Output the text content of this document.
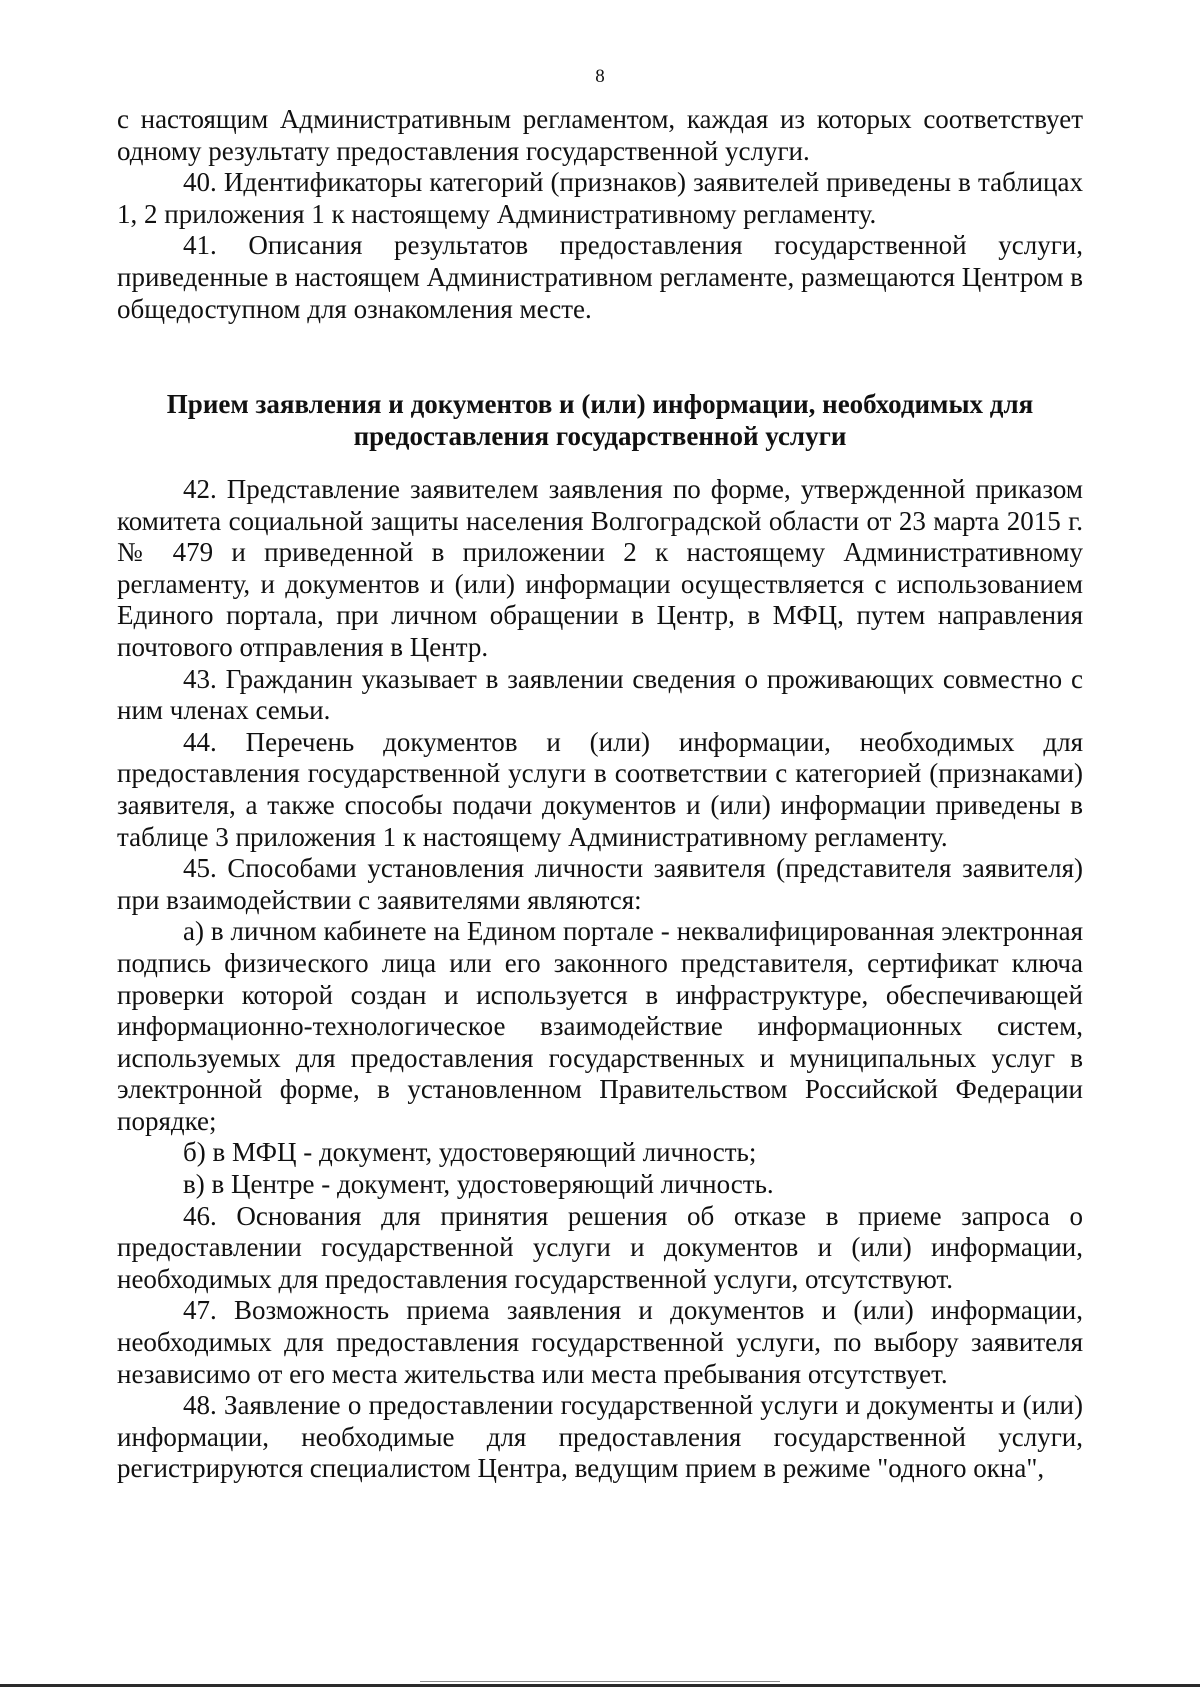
8

с настоящим Административным регламентом, каждая из которых соответствует одному результату предоставления государственной услуги.

40. Идентификаторы категорий (признаков) заявителей приведены в таблицах 1, 2 приложения 1 к настоящему Административному регламенту.

41. Описания результатов предоставления государственной услуги, приведенные в настоящем Административном регламенте, размещаются Центром в общедоступном для ознакомления месте.

Прием заявления и документов и (или) информации, необходимых для
предоставления государственной услуги

42. Представление заявителем заявления по форме, утвержденной приказом комитета социальной защиты населения Волгоградской области от 23 марта 2015 г. № 479 и приведенной в приложении 2 к настоящему Административному регламенту, и документов и (или) информации осуществляется с использованием Единого портала, при личном обращении в Центр, в МФЦ, путем направления почтового отправления в Центр.

43. Гражданин указывает в заявлении сведения о проживающих совместно с ним членах семьи.

44. Перечень документов и (или) информации, необходимых для предоставления государственной услуги в соответствии с категорией (признаками) заявителя, а также способы подачи документов и (или) информации приведены в таблице 3 приложения 1 к настоящему Административному регламенту.

45. Способами установления личности заявителя (представителя заявителя) при взаимодействии с заявителями являются:

а) в личном кабинете на Едином портале - неквалифицированная электронная подпись физического лица или его законного представителя, сертификат ключа проверки которой создан и используется в инфраструктуре, обеспечивающей информационно-технологическое взаимодействие информационных систем, используемых для предоставления государственных и муниципальных услуг в электронной форме, в установленном Правительством Российской Федерации порядке;

б) в МФЦ - документ, удостоверяющий личность;

в) в Центре - документ, удостоверяющий личность.

46. Основания для принятия решения об отказе в приеме запроса о предоставлении государственной услуги и документов и (или) информации, необходимых для предоставления государственной услуги, отсутствуют.

47. Возможность приема заявления и документов и (или) информации, необходимых для предоставления государственной услуги, по выбору заявителя независимо от его места жительства или места пребывания отсутствует.

48. Заявление о предоставлении государственной услуги и документы и (или) информации, необходимые для предоставления государственной услуги, регистрируются специалистом Центра, ведущим прием в режиме "одного окна",
